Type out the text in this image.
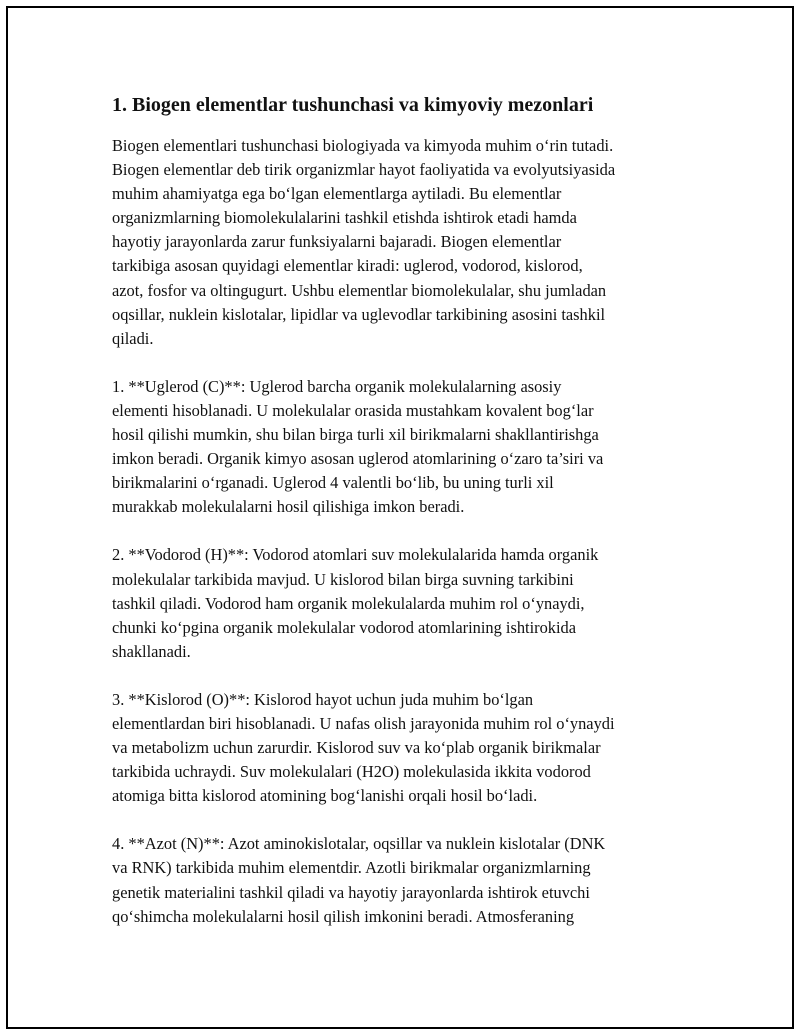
1. Biogen elementlar tushunchasi va kimyoviy mezonlari
Biogen elementlari tushunchasi biologiyada va kimyoda muhim o‘rin tutadi.
Biogen elementlar deb tirik organizmlar hayot faoliyatida va evolyutsiyasida
muhim ahamiyatga ega bo‘lgan elementlarga aytiladi. Bu elementlar
organizmlarning biomolekulalarini tashkil etishda ishtirok etadi hamda
hayotiy jarayonlarda zarur funksiyalarni bajaradi. Biogen elementlar
tarkibiga asosan quyidagi elementlar kiradi: uglerod, vodorod, kislorod,
azot, fosfor va oltingugurt. Ushbu elementlar biomolekulalar, shu jumladan
oqsillar, nuklein kislotalar, lipidlar va uglevodlar tarkibining asosini tashkil
qiladi.
1. **Uglerod (C)**: Uglerod barcha organik molekulalarning asosiy
elementi hisoblanadi. U molekulalar orasida mustahkam kovalent bog‘lar
hosil qilishi mumkin, shu bilan birga turli xil birikmalarni shakllantirishga
imkon beradi. Organik kimyo asosan uglerod atomlarining o‘zaro ta’siri va
birikmalarini o‘rganadi. Uglerod 4 valentli bo‘lib, bu uning turli xil
murakkab molekulalarni hosil qilishiga imkon beradi.
2. **Vodorod (H)**: Vodorod atomlari suv molekulalarida hamda organik
molekulalar tarkibida mavjud. U kislorod bilan birga suvning tarkibini
tashkil qiladi. Vodorod ham organik molekulalarda muhim rol o‘ynaydi,
chunki ko‘pgina organik molekulalar vodorod atomlarining ishtirokida
shakllanadi.
3. **Kislorod (O)**: Kislorod hayot uchun juda muhim bo‘lgan
elementlardan biri hisoblanadi. U nafas olish jarayonida muhim rol o‘ynaydi
va metabolizm uchun zarurdir. Kislorod suv va ko‘plab organik birikmalar
tarkibida uchraydi. Suv molekulalari (H2O) molekulasida ikkita vodorod
atomiga bitta kislorod atomining bog‘lanishi orqali hosil bo‘ladi.
4. **Azot (N)**: Azot aminokislotalar, oqsillar va nuklein kislotalar (DNK
va RNK) tarkibida muhim elementdir. Azotli birikmalar organizmlarning
genetik materialini tashkil qiladi va hayotiy jarayonlarda ishtirok etuvchi
qo‘shimcha molekulalarni hosil qilish imkonini beradi. Atmosferaning
